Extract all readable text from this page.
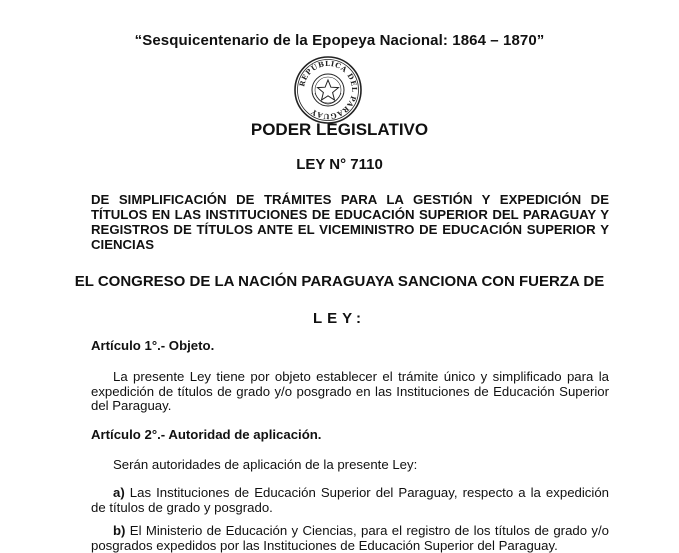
“Sesquicentenario de la Epopeya Nacional: 1864 – 1870”
REPÚBLICA DEL PARAGUAY
PODER LEGISLATIVO
LEY N° 7110
DE SIMPLIFICACIÓN DE TRÁMITES PARA LA GESTIÓN Y EXPEDICIÓN DE TÍTULOS EN LAS INSTITUCIONES DE EDUCACIÓN SUPERIOR DEL PARAGUAY Y REGISTROS DE TÍTULOS ANTE EL VICEMINISTRO DE EDUCACIÓN SUPERIOR Y CIENCIAS
EL CONGRESO DE LA NACIÓN PARAGUAYA SANCIONA CON FUERZA DE
LEY:
Artículo 1°.- Objeto.
La presente Ley tiene por objeto establecer el trámite único y simplificado para la expedición de títulos de grado y/o posgrado en las Instituciones de Educación Superior del Paraguay.
Artículo 2°.- Autoridad de aplicación.
Serán autoridades de aplicación de la presente Ley:
a) Las Instituciones de Educación Superior del Paraguay, respecto a la expedición de títulos de grado y posgrado.
b) El Ministerio de Educación y Ciencias, para el registro de los títulos de grado y/o posgrados expedidos por las Instituciones de Educación Superior del Paraguay.
